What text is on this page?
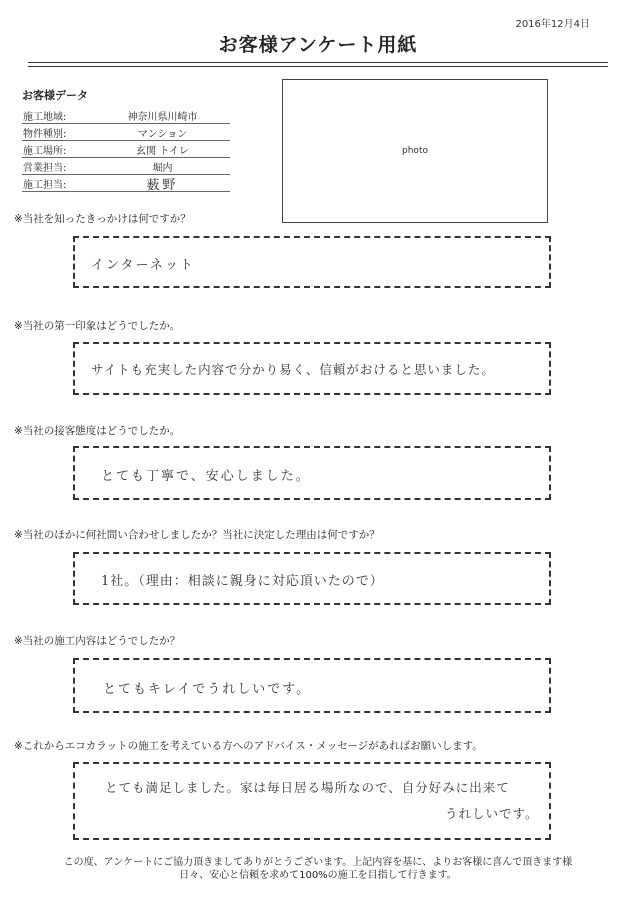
2016年12月4日
お客様アンケート用紙
お客様データ
施工地域:	神奈川県川崎市
物件種別:	マンション
施工場所:	玄関 トイレ
営業担当:	堀内
施工担当:	薮野
photo
※当社を知ったきっかけは何ですか？
インターネット
※当社の第一印象はどうでしたか。
サイトも充実した内容で分かり易く、信頼がおけると思いました。
※当社の接客態度はどうでしたか。
とても丁寧で、安心しました。
※当社のほかに何社問い合わせしましたか？当社に決定した理由は何ですか？
1社。（理由：相談に親身に対応頂いたので）
※当社の施工内容はどうでしたか？
とてもキレイでうれしいです。
※これからエコカラットの施工を考えている方へのアドバイス・メッセージがあればお願いします。
とても満足しました。家は毎日居る場所なので、自分好みに出来て
うれしいです。
この度、アンケートにご協力頂きましてありがとうございます。上記内容を基に、よりお客様に喜んで頂きます様
日々、安心と信頼を求めて100%の施工を目指して行きます。
